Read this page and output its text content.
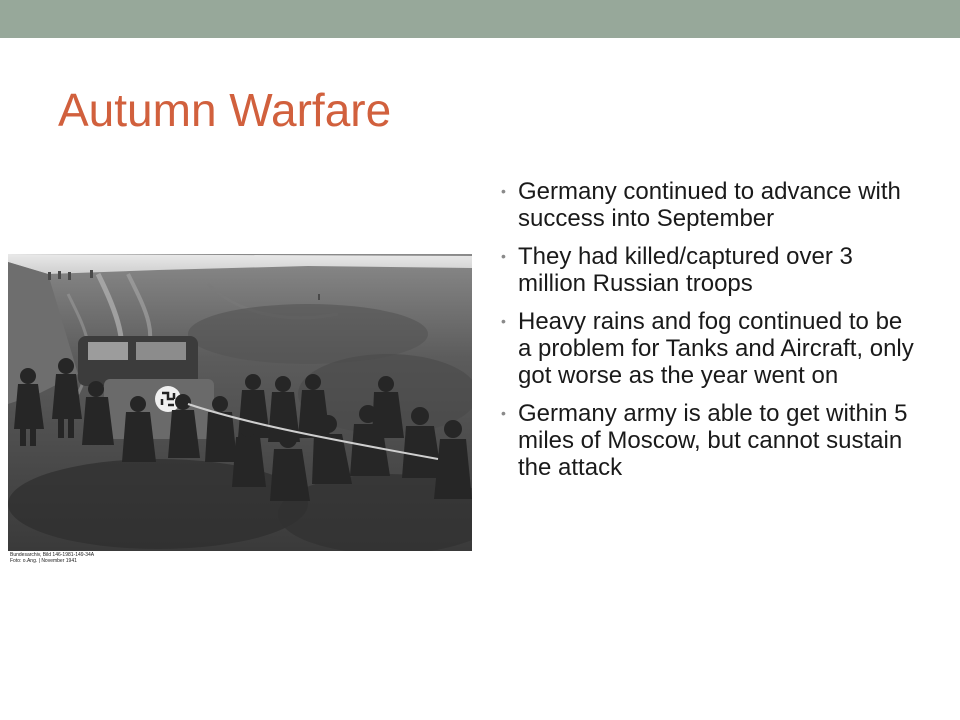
Autumn Warfare
Bundesarchiv, Bild 146-1981-149-34A
Foto: o.Ang. | November 1941
• Germany continued to advance with success into September
• They had killed/captured over 3 million Russian troops
• Heavy rains and fog continued to be a problem for Tanks and Aircraft, only got worse as the year went on
• Germany army is able to get within 5 miles of Moscow, but cannot sustain the attack
